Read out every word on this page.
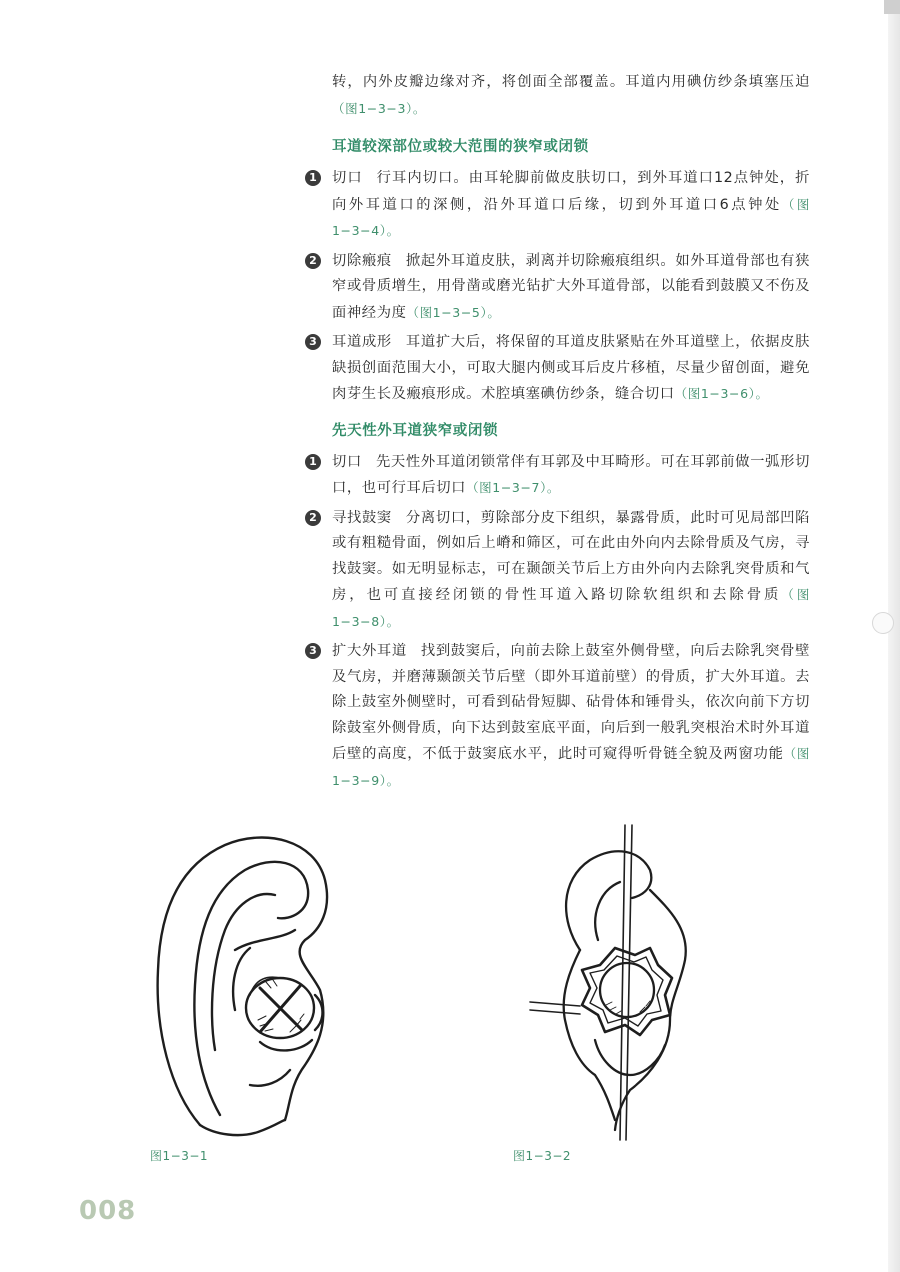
转，内外皮瓣边缘对齐，将创面全部覆盖。耳道内用碘仿纱条填塞压迫（图1−3−3）。

耳道较深部位或较大范围的狭窄或闭锁

1 切口 行耳内切口。由耳轮脚前做皮肤切口，到外耳道口12点钟处，折向外耳道口的深侧，沿外耳道口后缘，切到外耳道口6点钟处（图1−3−4）。

2 切除瘢痕 掀起外耳道皮肤，剥离并切除瘢痕组织。如外耳道骨部也有狭窄或骨质增生，用骨凿或磨光钻扩大外耳道骨部，以能看到鼓膜又不伤及面神经为度（图1−3−5）。

3 耳道成形 耳道扩大后，将保留的耳道皮肤紧贴在外耳道壁上，依据皮肤缺损创面范围大小，可取大腿内侧或耳后皮片移植，尽量少留创面，避免肉芽生长及瘢痕形成。术腔填塞碘仿纱条，缝合切口（图1−3−6）。

先天性外耳道狭窄或闭锁

1 切口 先天性外耳道闭锁常伴有耳郭及中耳畸形。可在耳郭前做一弧形切口，也可行耳后切口（图1−3−7）。

2 寻找鼓窦 分离切口，剪除部分皮下组织，暴露骨质，此时可见局部凹陷或有粗糙骨面，例如后上嵴和筛区，可在此由外向内去除骨质及气房，寻找鼓窦。如无明显标志，可在颞颌关节后上方由外向内去除乳突骨质和气房，也可直接经闭锁的骨性耳道入路切除软组织和去除骨质（图1−3−8）。

3 扩大外耳道 找到鼓窦后，向前去除上鼓室外侧骨壁，向后去除乳突骨壁及气房，并磨薄颞颌关节后壁（即外耳道前壁）的骨质，扩大外耳道。去除上鼓室外侧壁时，可看到砧骨短脚、砧骨体和锤骨头，依次向前下方切除鼓室外侧骨质，向下达到鼓室底平面，向后到一般乳突根治术时外耳道后壁的高度，不低于鼓窦底水平，此时可窥得听骨链全貌及两窗功能（图1−3−9）。

图1−3−1	图1−3−2
008
